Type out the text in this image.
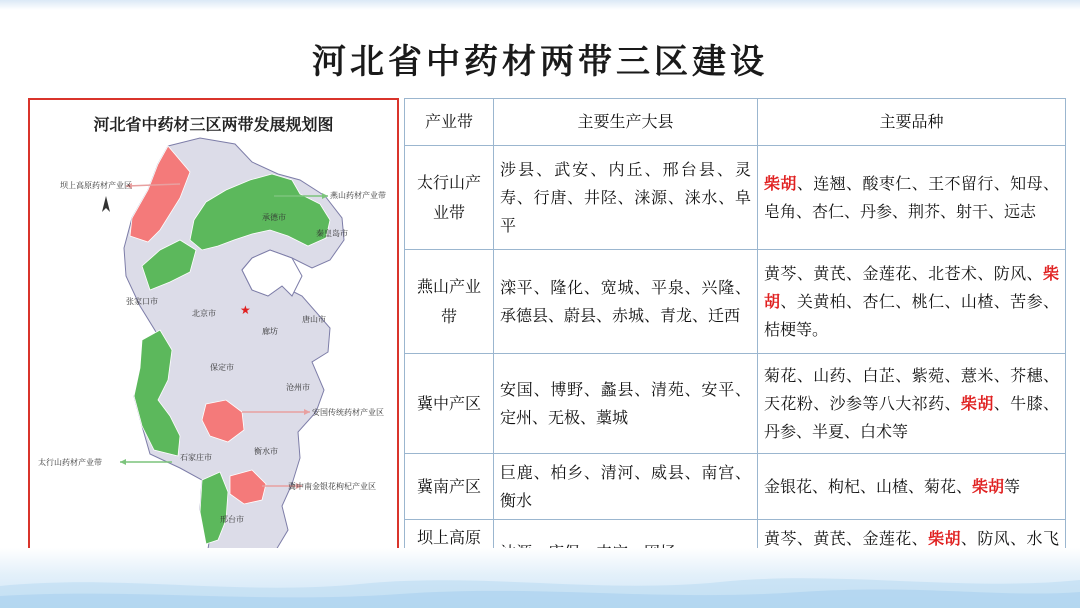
河北省中药材两带三区建设
河北省中药材三区两带发展规划图
★
坝上高原药材产业区
燕山药材产业带
北京市
安国传统药材产业区
太行山药材产业带
冀中南金银花枸杞产业区
石家庄市
承德市
廊坊
张家口市
唐山市
保定市
衡水市
沧州市
邢台市
秦皇岛市
产业带	主要生产大县	主要品种
太行山产业带	涉县、武安、内丘、邢台县、灵寿、行唐、井陉、涞源、涞水、阜平	柴胡、连翘、酸枣仁、王不留行、知母、皂角、杏仁、丹参、荆芥、射干、远志
燕山产业带	滦平、隆化、宽城、平泉、兴隆、承德县、蔚县、赤城、青龙、迁西	黄芩、黄芪、金莲花、北苍术、防风、柴胡、关黄柏、杏仁、桃仁、山楂、苦参、桔梗等。
冀中产区	安国、博野、蠡县、清苑、安平、定州、无极、藁城	菊花、山药、白芷、紫菀、薏米、芥穗、天花粉、沙参等八大祁药、柴胡、牛膝、丹参、半夏、白术等
冀南产区	巨鹿、柏乡、清河、威县、南宫、衡水	金银花、枸杞、山楂、菊花、柴胡等
坝上高原		黄芩、黄芪、金莲花、柴胡、防风、水飞
